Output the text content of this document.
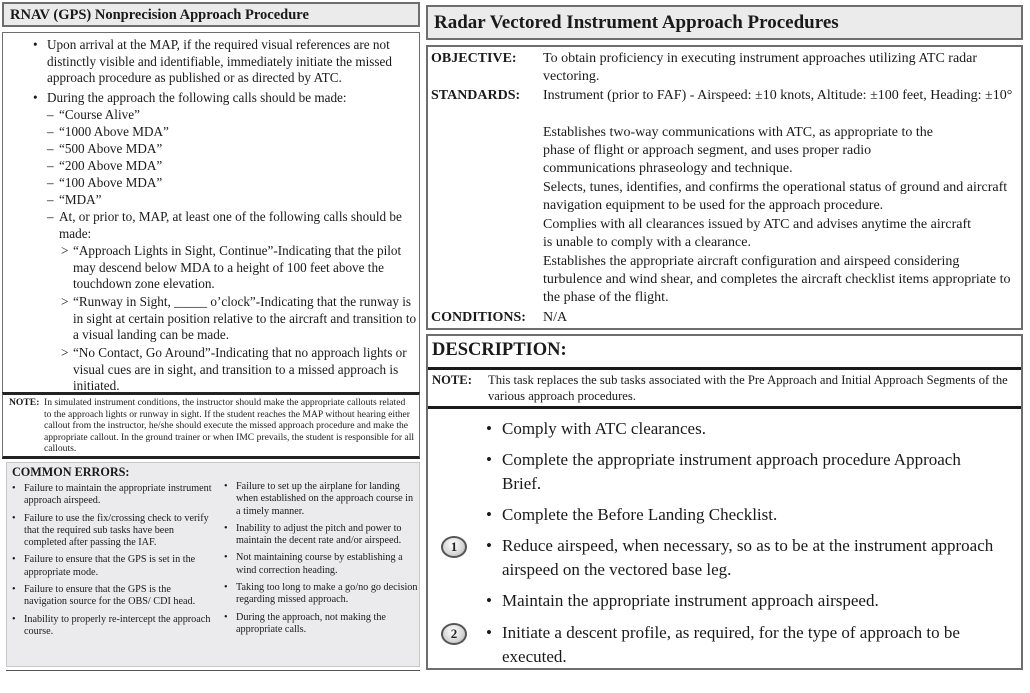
RNAV (GPS) Nonprecision Approach Procedure
• Upon arrival at the MAP, if the required visual references are not distinctly visible and identifiable, immediately initiate the missed approach procedure as published or as directed by ATC.
• During the approach the following calls should be made:
– “Course Alive”
– “1000 Above MDA”
– “500 Above MDA”
– “200 Above MDA”
– “100 Above MDA”
– “MDA”
– At, or prior to, MAP, at least one of the following calls should be made:
> “Approach Lights in Sight, Continue”-Indicating that the pilot may descend below MDA to a height of 100 feet above the touchdown zone elevation.
> “Runway in Sight, _____ o’clock”-Indicating that the runway is in sight at certain position relative to the aircraft and transition to a visual landing can be made.
> “No Contact, Go Around”-Indicating that no approach lights or visual cues are in sight, and transition to a missed approach is initiated.
NOTE: In simulated instrument conditions, the instructor should make the appropriate callouts related to the approach lights or runway in sight. If the student reaches the MAP without hearing either callout from the instructor, he/she should execute the missed approach procedure and make the appropriate callout. In the ground trainer or when IMC prevails, the student is responsible for all callouts.
COMMON ERRORS:
• Failure to maintain the appropriate instrument approach airspeed.
• Failure to use the fix/crossing check to verify that the required sub tasks have been completed after passing the IAF.
• Failure to ensure that the GPS is set in the appropriate mode.
• Failure to ensure that the GPS is the navigation source for the OBS/ CDI head.
• Inability to properly re-intercept the approach course.
• Failure to set up the airplane for landing when established on the approach course in a timely manner.
• Inability to adjust the pitch and power to maintain the decent rate and/or airspeed.
• Not maintaining course by establishing a wind correction heading.
• Taking too long to make a go/no go decision regarding missed approach.
• During the approach, not making the appropriate calls.
Radar Vectored Instrument Approach Procedures
OBJECTIVE: To obtain proficiency in executing instrument approaches utilizing ATC radar vectoring.
STANDARDS: Instrument (prior to FAF) - Airspeed: ±10 knots, Altitude: ±100 feet, Heading: ±10°
Establishes two-way communications with ATC, as appropriate to the phase of flight or approach segment, and uses proper radio communications phraseology and technique.
Selects, tunes, identifies, and confirms the operational status of ground and aircraft navigation equipment to be used for the approach procedure.
Complies with all clearances issued by ATC and advises anytime the aircraft is unable to comply with a clearance.
Establishes the appropriate aircraft configuration and airspeed considering turbulence and wind shear, and completes the aircraft checklist items appropriate to the phase of the flight.
CONDITIONS: N/A
DESCRIPTION:
NOTE: This task replaces the sub tasks associated with the Pre Approach and Initial Approach Segments of the various approach procedures.
• Comply with ATC clearances.
• Complete the appropriate instrument approach procedure Approach Brief.
• Complete the Before Landing Checklist.
1	• Reduce airspeed, when necessary, so as to be at the instrument approach airspeed on the vectored base leg.
• Maintain the appropriate instrument approach airspeed.
2	• Initiate a descent profile, as required, for the type of approach to be executed.
